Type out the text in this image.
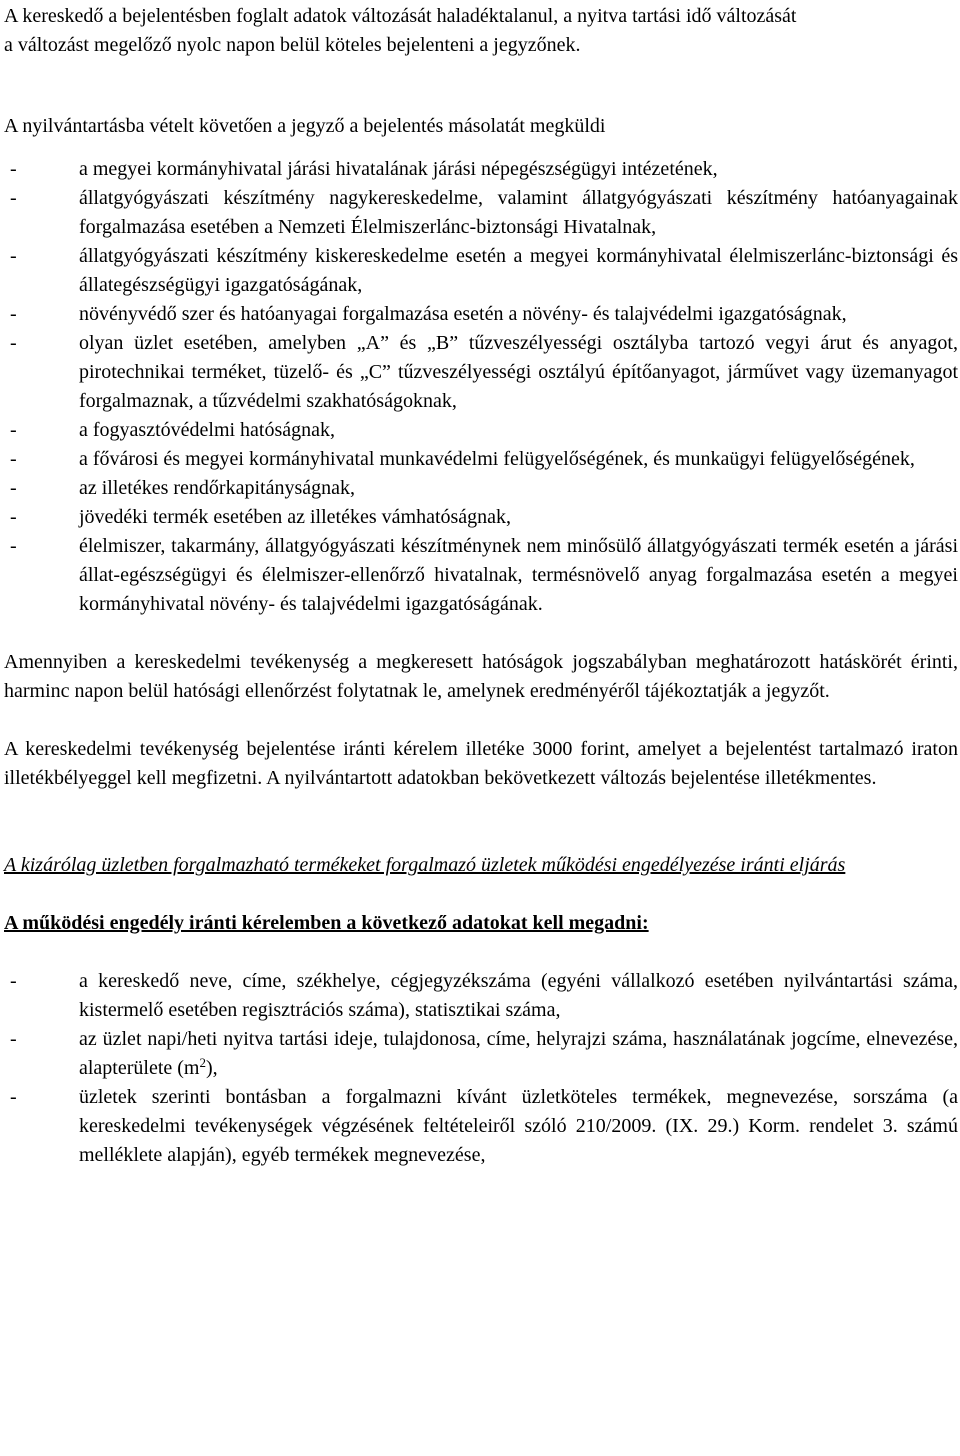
A kereskedő a bejelentésben foglalt adatok változását haladéktalanul, a nyitva tartási idő változását
a változást megelőző nyolc napon belül köteles bejelenteni a jegyzőnek.

A nyilvántartásba vételt követően a jegyző a bejelentés másolatát megküldi

- a megyei kormányhivatal járási hivatalának járási népegészségügyi intézetének,
- állatgyógyászati készítmény nagykereskedelme, valamint állatgyógyászati készítmény hatóanyagainak forgalmazása esetében a Nemzeti Élelmiszerlánc-biztonsági Hivatalnak,
- állatgyógyászati készítmény kiskereskedelme esetén a megyei kormányhivatal élelmiszerlánc-biztonsági és állategészségügyi igazgatóságának,
- növényvédő szer és hatóanyagai forgalmazása esetén a növény- és talajvédelmi igazgatóságnak,
- olyan üzlet esetében, amelyben „A” és „B” tűzveszélyességi osztályba tartozó vegyi árut és anyagot, pirotechnikai terméket, tüzelő- és „C” tűzveszélyességi osztályú építőanyagot, járművet vagy üzemanyagot forgalmaznak, a tűzvédelmi szakhatóságoknak,
- a fogyasztóvédelmi hatóságnak,
- a fővárosi és megyei kormányhivatal munkavédelmi felügyelőségének, és munkaügyi felügyelőségének,
- az illetékes rendőrkapitányságnak,
- jövedéki termék esetében az illetékes vámhatóságnak,
- élelmiszer, takarmány, állatgyógyászati készítménynek nem minősülő állatgyógyászati termék esetén a járási állat-egészségügyi és élelmiszer-ellenőrző hivatalnak, termésnövelő anyag forgalmazása esetén a megyei kormányhivatal növény- és talajvédelmi igazgatóságának.

Amennyiben a kereskedelmi tevékenység a megkeresett hatóságok jogszabályban meghatározott hatáskörét érinti, harminc napon belül hatósági ellenőrzést folytatnak le, amelynek eredményéről tájékoztatják a jegyzőt.

A kereskedelmi tevékenység bejelentése iránti kérelem illetéke 3000 forint, amelyet a bejelentést tartalmazó iraton illetékbélyeggel kell megfizetni. A nyilvántartott adatokban bekövetkezett változás bejelentése illetékmentes.

A kizárólag üzletben forgalmazható termékeket forgalmazó üzletek működési engedélyezése iránti eljárás

A működési engedély iránti kérelemben a következő adatokat kell megadni:

- a kereskedő neve, címe, székhelye, cégjegyzékszáma (egyéni vállalkozó esetében nyilvántartási száma, kistermelő esetében regisztrációs száma), statisztikai száma,
- az üzlet napi/heti nyitva tartási ideje, tulajdonosa, címe, helyrajzi száma, használatának jogcíme, elnevezése, alapterülete $(m^2)$,
- üzletek szerinti bontásban a forgalmazni kívánt üzletköteles termékek, megnevezése, sorszáma (a kereskedelmi tevékenységek végzésének feltételeiről szóló 210/2009. (IX. 29.) Korm. rendelet 3. számú melléklete alapján), egyéb termékek megnevezése,
